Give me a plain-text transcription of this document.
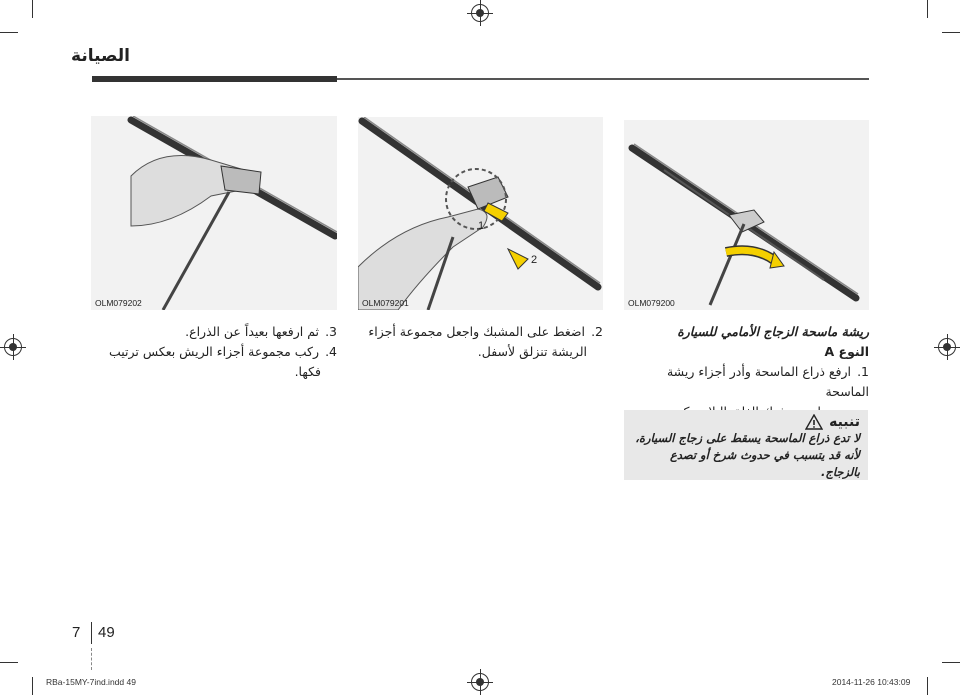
الصيانة
OLM079200
1
2
OLM079201
OLM079202

ريشة ماسحة الزجاج الأمامي للسيارة

النوع A

1. ارفع ذراع الماسحة وأدر أجزاء ريشة الماسحة

2. اضغط على المشبك واجعل مجموعة أجزاء

الريشة تنزلق لأسفل.

3. ثم ارفعها بعيداً عن الذراع.

4. ركب مجموعة أجزاء الريش بعكس ترتيب

فكها.

تنبيه

لا تدع ذراع الماسحة يسقط على زجاج السيارة،

لأنه قد يتسبب في حدوث شرخ أو تصدع بالزجاج.

7 49
RBa-15MY-7ind.indd 49	2014-11-26 10:43:09
